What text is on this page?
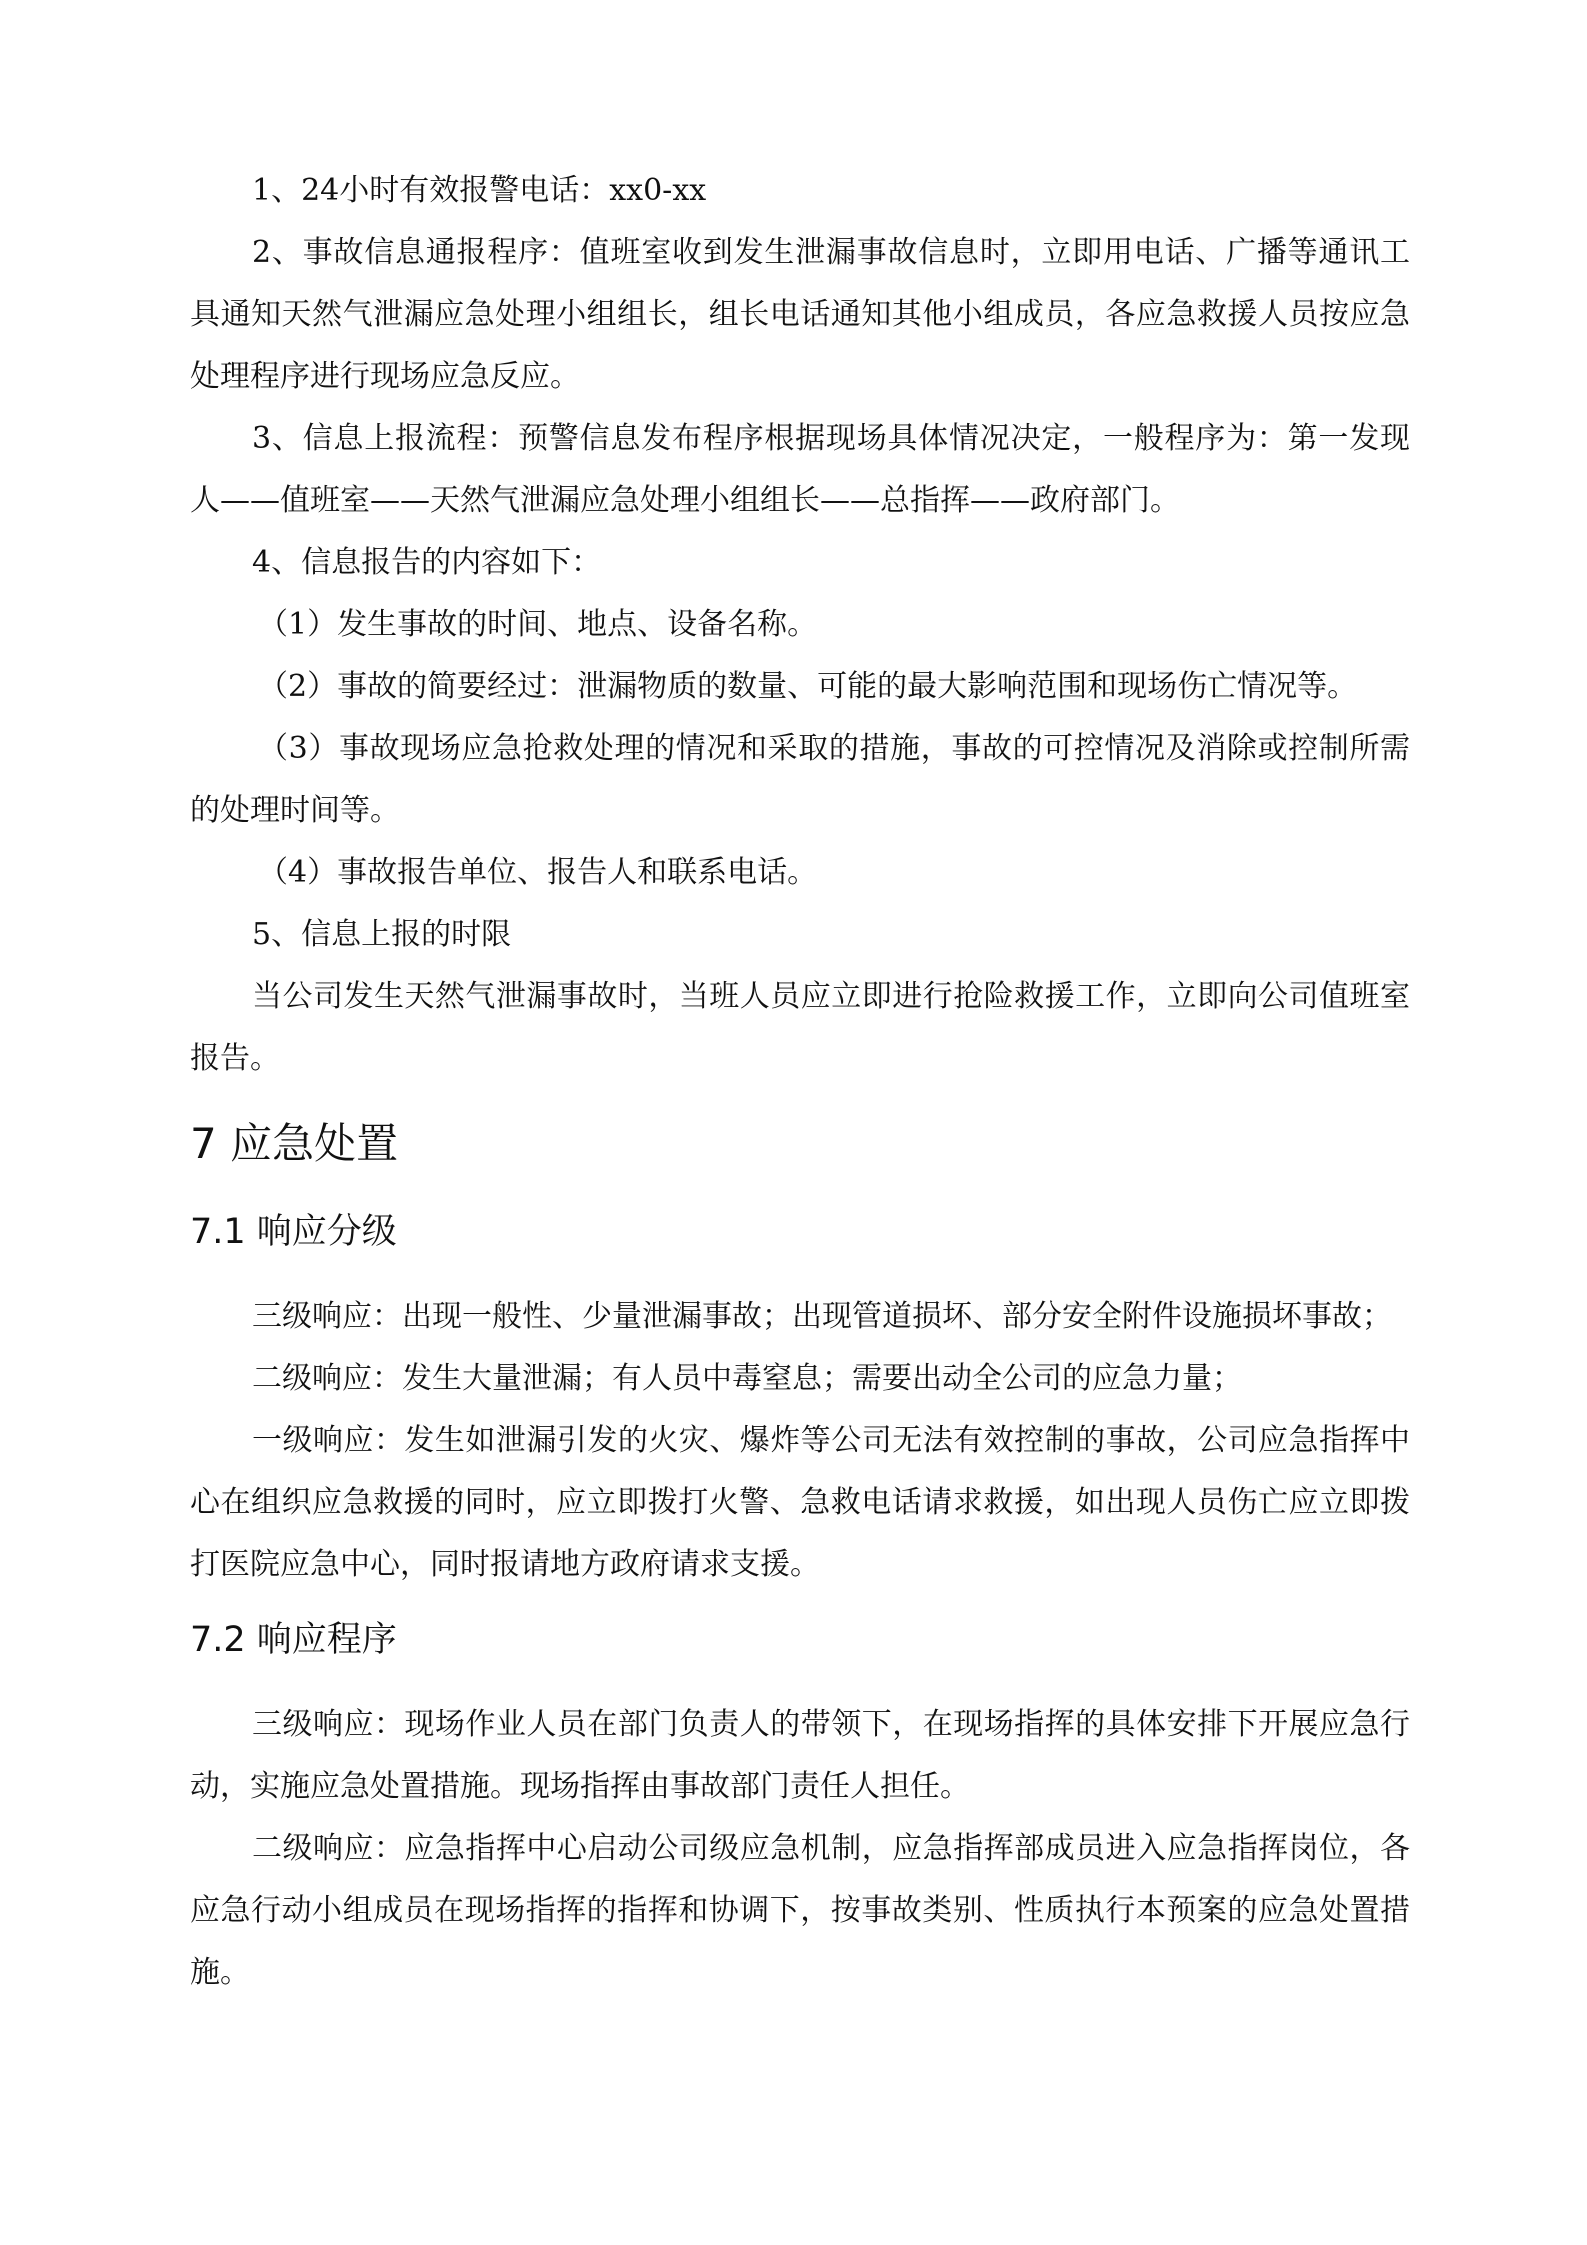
1、24小时有效报警电话：xx0-xx

2、事故信息通报程序：值班室收到发生泄漏事故信息时，立即用电话、广播等通讯工具通知天然气泄漏应急处理小组组长，组长电话通知其他小组成员，各应急救援人员按应急处理程序进行现场应急反应。

3、信息上报流程：预警信息发布程序根据现场具体情况决定，一般程序为：第一发现人——值班室——天然气泄漏应急处理小组组长——总指挥——政府部门。

4、信息报告的内容如下：

（1）发生事故的时间、地点、设备名称。

（2）事故的简要经过：泄漏物质的数量、可能的最大影响范围和现场伤亡情况等。

（3）事故现场应急抢救处理的情况和采取的措施，事故的可控情况及消除或控制所需的处理时间等。

（4）事故报告单位、报告人和联系电话。

5、信息上报的时限

当公司发生天然气泄漏事故时，当班人员应立即进行抢险救援工作，立即向公司值班室报告。

7 应急处置
7.1 响应分级

三级响应：出现一般性、少量泄漏事故；出现管道损坏、部分安全附件设施损坏事故；

二级响应：发生大量泄漏；有人员中毒窒息；需要出动全公司的应急力量；

一级响应：发生如泄漏引发的火灾、爆炸等公司无法有效控制的事故，公司应急指挥中心在组织应急救援的同时，应立即拨打火警、急救电话请求救援，如出现人员伤亡应立即拨打医院应急中心，同时报请地方政府请求支援。

7.2 响应程序

三级响应：现场作业人员在部门负责人的带领下，在现场指挥的具体安排下开展应急行动，实施应急处置措施。现场指挥由事故部门责任人担任。

二级响应：应急指挥中心启动公司级应急机制，应急指挥部成员进入应急指挥岗位，各应急行动小组成员在现场指挥的指挥和协调下，按事故类别、性质执行本预案的应急处置措施。
